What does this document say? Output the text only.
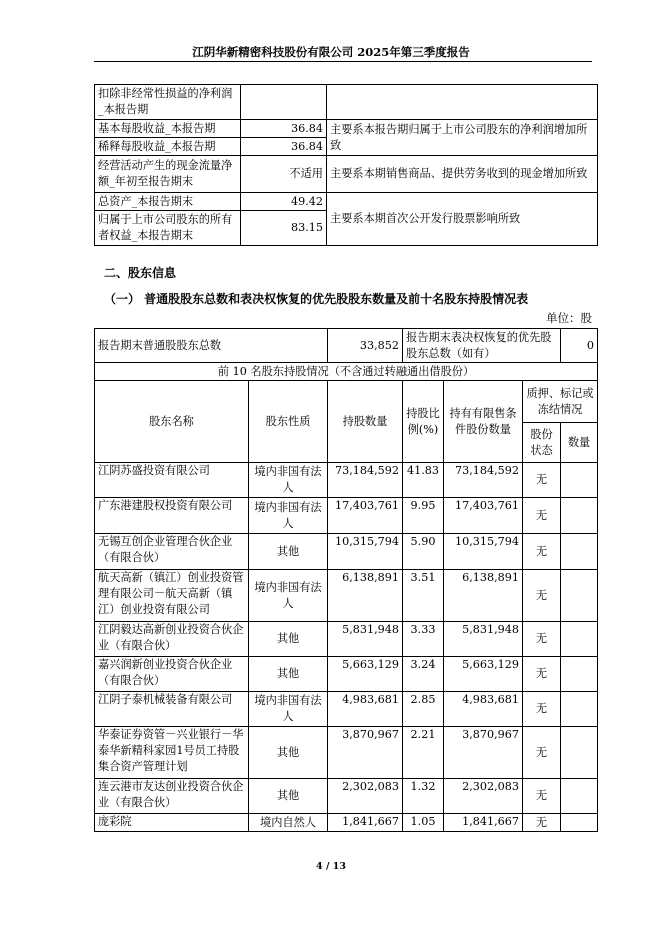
江阴华新精密科技股份有限公司 2025年第三季度报告
扣除非经常性损益的净利润_本报告期		
基本每股收益_本报告期	36.84	主要系本报告期归属于上市公司股东的净利润增加所致
稀释每股收益_本报告期	36.84	
经营活动产生的现金流量净额_年初至报告期末	不适用	主要系本期销售商品、提供劳务收到的现金增加所致
总资产_本报告期末	49.42	主要系本期首次公开发行股票影响所致
归属于上市公司股东的所有者权益_本报告期末	83.15	
二、股东信息
（一） 普通股股东总数和表决权恢复的优先股股东数量及前十名股东持股情况表
单位：股
报告期末普通股股东总数		33,852	报告期末表决权恢复的优先股股东总数（如有）			0
前 10 名股东持股情况（不含通过转融通出借股份）						
股东名称	股东性质	持股数量	持股比例(%)	持有有限售条件股份数量	质押、标记或冻结情况	
					股份状态	数量
江阴苏盛投资有限公司	境内非国有法人	73,184,592	41.83	73,184,592	无	
广东港建股权投资有限公司	境内非国有法人	17,403,761	9.95	17,403,761	无	
无锡互创企业管理合伙企业（有限合伙）	其他	10,315,794	5.90	10,315,794	无	
航天高新（镇江）创业投资管理有限公司－航天高新（镇江）创业投资有限公司	境内非国有法人	6,138,891	3.51	6,138,891	无	
江阴毅达高新创业投资合伙企业（有限合伙）	其他	5,831,948	3.33	5,831,948	无	
嘉兴润新创业投资合伙企业（有限合伙）	其他	5,663,129	3.24	5,663,129	无	
江阴子泰机械装备有限公司	境内非国有法人	4,983,681	2.85	4,983,681	无	
华泰证券资管－兴业银行－华泰华新精科家园1号员工持股集合资产管理计划	其他	3,870,967	2.21	3,870,967	无	
连云港市友达创业投资合伙企业（有限合伙）	其他	2,302,083	1.32	2,302,083	无	
庞彩院	境内自然人	1,841,667	1.05	1,841,667	无	
4 / 13
